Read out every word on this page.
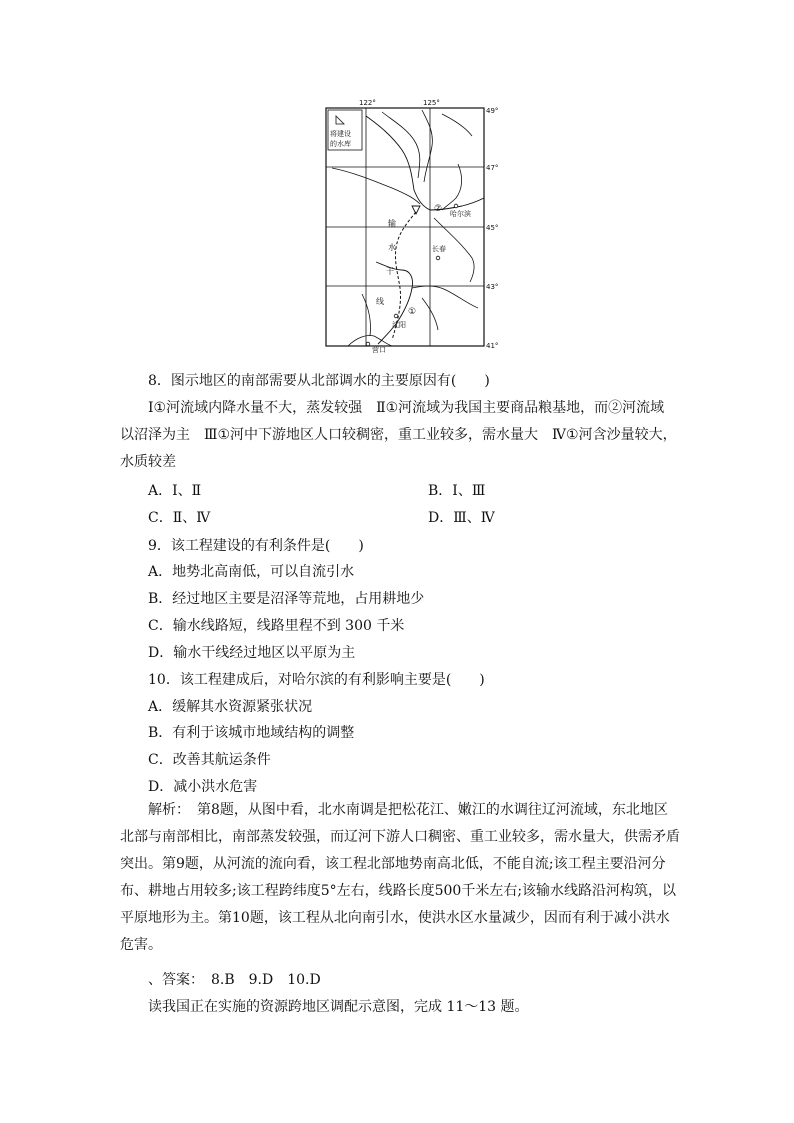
将建设
的水库
输
水
干
线
②
①
哈尔滨
长春
沈阳
营口
122°	125°
49°
47°
45°
43°
41°
8．图示地区的南部需要从北部调水的主要原因有(　　)
Ⅰ①河流域内降水量不大，蒸发较强　Ⅱ①河流域为我国主要商品粮基地，而②河流域
以沼泽为主　Ⅲ①河中下游地区人口较稠密，重工业较多，需水量大　Ⅳ①河含沙量较大，
水质较差
A．Ⅰ、Ⅱ	B．Ⅰ、Ⅲ
C．Ⅱ、Ⅳ	D．Ⅲ、Ⅳ
9．该工程建设的有利条件是(　　)
A．地势北高南低，可以自流引水
B．经过地区主要是沼泽等荒地，占用耕地少
C．输水线路短，线路里程不到 300 千米
D．输水干线经过地区以平原为主
10．该工程建成后，对哈尔滨的有利影响主要是(　　)
A．缓解其水资源紧张状况
B．有利于该城市地域结构的调整
C．改善其航运条件
D．减小洪水危害
解析：　第8题，从图中看，北水南调是把松花江、嫩江的水调往辽河流域，东北地区北部与南部相比，南部蒸发较强，而辽河下游人口稠密、重工业较多，需水量大，供需矛盾突出。第9题，从河流的流向看，该工程北部地势南高北低，不能自流;该工程主要沿河分布、耕地占用较多;该工程跨纬度5°左右，线路长度500千米左右;该输水线路沿河构筑，以平原地形为主。第10题，该工程从北向南引水，使洪水区水量减少，因而有利于减小洪水危害。
、答案：　8.B　9.D　10.D
读我国正在实施的资源跨地区调配示意图，完成 11～13 题。
